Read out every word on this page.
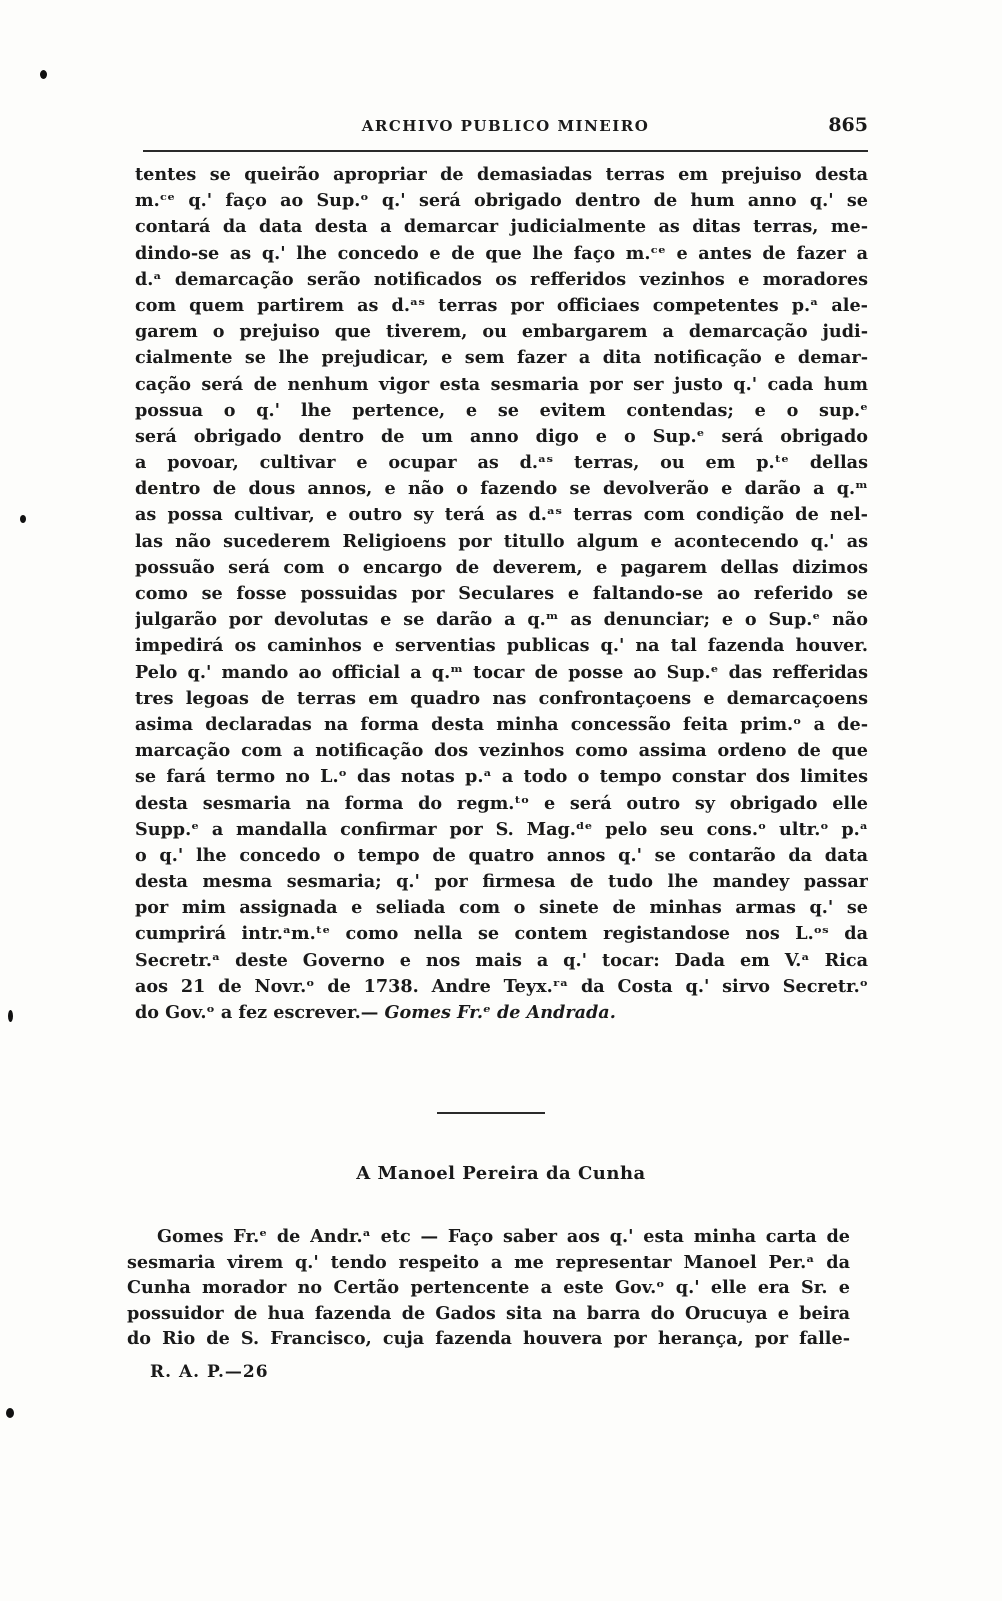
ARCHIVO PUBLICO MINEIRO	865
tentes se queirão apropriar de demasiadas terras em prejuiso desta
m.ᶜᵉ q.' faço ao Sup.ᵒ q.' será obrigado dentro de hum anno q.' se
contará da data desta a demarcar judicialmente as ditas terras, me-
dindo-se as q.' lhe concedo e de que lhe faço m.ᶜᵉ e antes de fazer a
d.ᵃ demarcação serão notificados os refferidos vezinhos e moradores
com quem partirem as d.ᵃˢ terras por officiaes competentes p.ᵃ ale-
garem o prejuiso que tiverem, ou embargarem a demarcação judi-
cialmente se lhe prejudicar, e sem fazer a dita notificação e demar-
cação será de nenhum vigor esta sesmaria por ser justo q.' cada hum
possua o q.' lhe pertence, e se evitem contendas; e o sup.ᵉ
será obrigado dentro de um anno digo e o Sup.ᵉ será obrigado
a povoar, cultivar e ocupar as d.ᵃˢ terras, ou em p.ᵗᵉ dellas
dentro de dous annos, e não o fazendo se devolverão e darão a q.ᵐ
as possa cultivar, e outro sy terá as d.ᵃˢ terras com condição de nel-
las não sucederem Religioens por titullo algum e acontecendo q.' as
possuão será com o encargo de deverem, e pagarem dellas dizimos
como se fosse possuidas por Seculares e faltando-se ao referido se
julgarão por devolutas e se darão a q.ᵐ as denunciar; e o Sup.ᵉ não
impedirá os caminhos e serventias publicas q.' na tal fazenda houver.
Pelo q.' mando ao official a q.ᵐ tocar de posse ao Sup.ᵉ das refferidas
tres legoas de terras em quadro nas confrontaçoens e demarcaçoens
asima declaradas na forma desta minha concessão feita prim.ᵒ a de-
marcação com a notificação dos vezinhos como assima ordeno de que
se fará termo no L.ᵒ das notas p.ᵃ a todo o tempo constar dos limites
desta sesmaria na forma do regm.ᵗᵒ e será outro sy obrigado elle
Supp.ᵉ a mandalla confirmar por S. Mag.ᵈᵉ pelo seu cons.ᵒ ultr.ᵒ p.ᵃ
o q.' lhe concedo o tempo de quatro annos q.' se contarão da data
desta mesma sesmaria; q.' por firmesa de tudo lhe mandey passar
por mim assignada e seliada com o sinete de minhas armas q.' se
cumprirá intr.ᵃm.ᵗᵉ como nella se contem registandose nos L.ᵒˢ da
Secretr.ᵃ deste Governo e nos mais a q.' tocar: Dada em V.ᵃ Rica
aos 21 de Novr.ᵒ de 1738. Andre Teyx.ʳᵃ da Costa q.' sirvo Secretr.ᵒ
do Gov.ᵒ a fez escrever.— Gomes Fr.ᵉ de Andrada.
A Manoel Pereira da Cunha
Gomes Fr.ᵉ de Andr.ᵃ etc — Faço saber aos q.' esta minha carta de
sesmaria virem q.' tendo respeito a me representar Manoel Per.ᵃ da
Cunha morador no Certão pertencente a este Gov.ᵒ q.' elle era Sr. e
possuidor de hua fazenda de Gados sita na barra do Orucuya e beira
do Rio de S. Francisco, cuja fazenda houvera por herança, por falle-
R. A. P.—26
